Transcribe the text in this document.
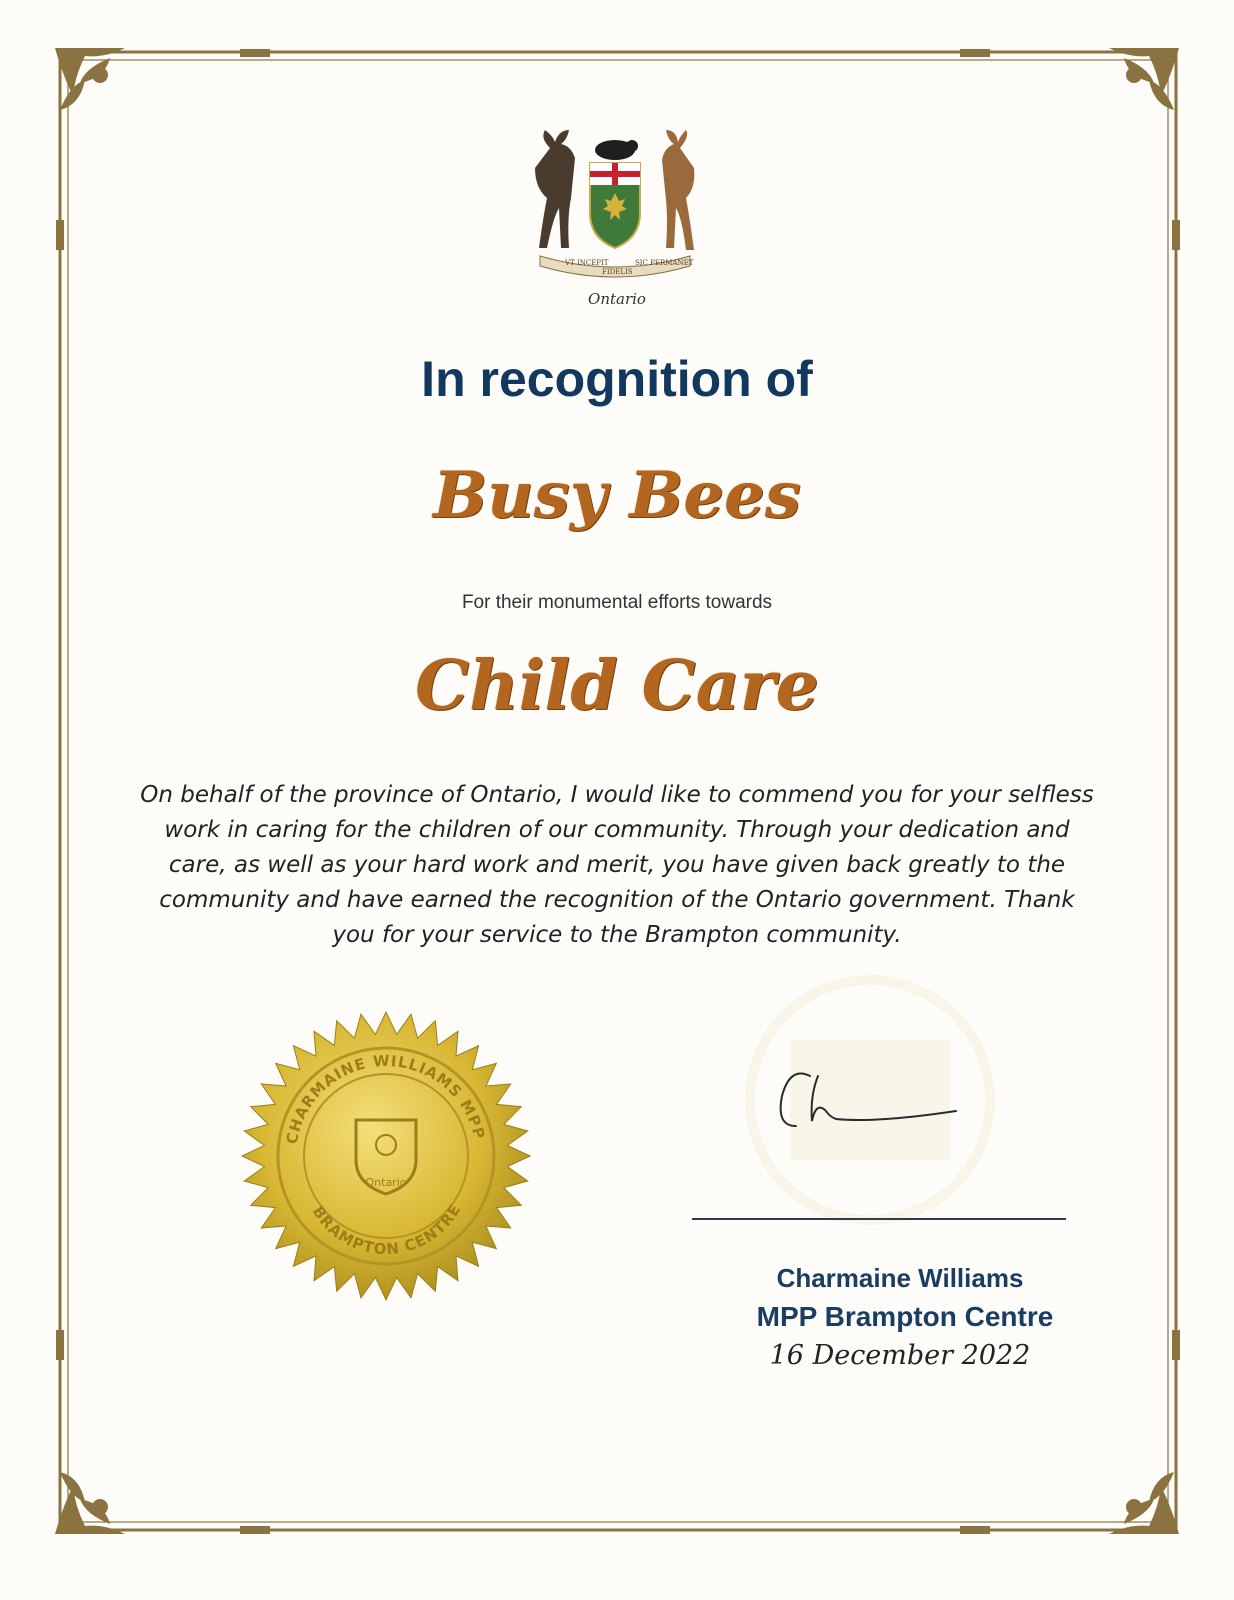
VT INCEPIT
FIDELIS
SIC PERMANET
Ontario
In recognition of
Busy Bees
For their monumental efforts towards
Child Care
On behalf of the province of Ontario, I would like to commend you for your selfless work in caring for the children of our community. Through your dedication and care, as well as your hard work and merit, you have given back greatly to the community and have earned the recognition of the Ontario government. Thank you for your service to the Brampton community.
CHARMAINE WILLIAMS MPP
BRAMPTON CENTRE
Ontario
Charmaine Williams
MPP Brampton Centre
16 December 2022
